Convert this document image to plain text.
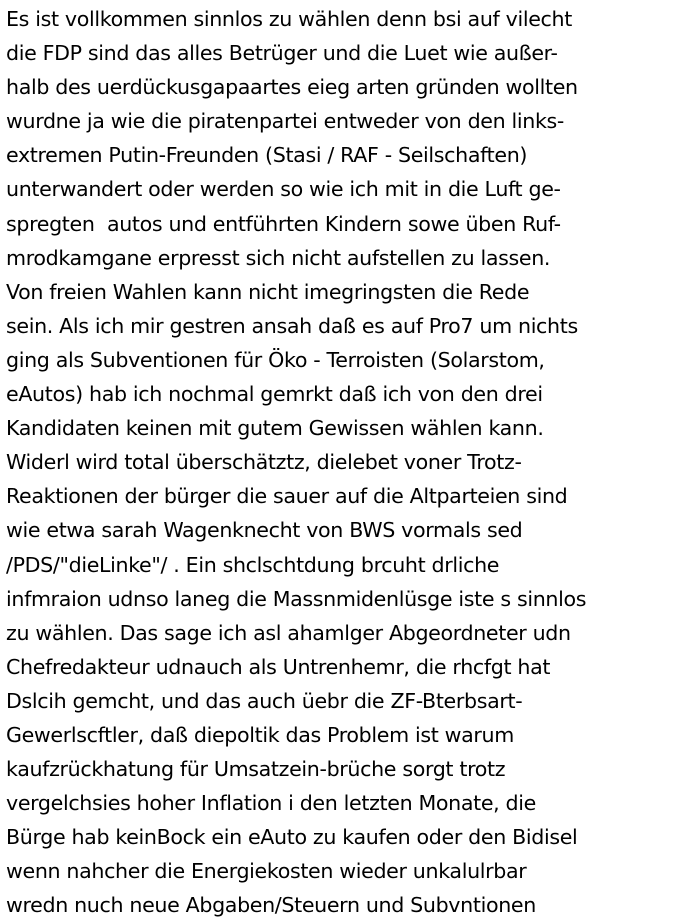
Es ist vollkommen sinnlos zu wählen denn bsi auf vilecht
die FDP sind das alles Betrüger und die Luet wie außer-
halb des uerdückusgapaartes eieg arten gründen wollten
wurdne ja wie die piratenpartei entweder von den links-
extremen Putin-Freunden (Stasi / RAF - Seilschaften)
unterwandert oder werden so wie ich mit in die Luft ge-
spregten  autos und entführten Kindern sowe üben Ruf-
mrodkamgane erpresst sich nicht aufstellen zu lassen.
Von freien Wahlen kann nicht imegringsten die Rede
sein. Als ich mir gestren ansah daß es auf Pro7 um nichts
ging als Subventionen für Öko - Terroisten (Solarstom,
eAutos) hab ich nochmal gemrkt daß ich von den drei
Kandidaten keinen mit gutem Gewissen wählen kann.
Widerl wird total überschätztz, dielebet voner Trotz-
Reaktionen der bürger die sauer auf die Altparteien sind
wie etwa sarah Wagenknecht von BWS vormals sed
/PDS/"dieLinke"/ . Ein shclschtdung brcuht drliche
infmraion udnso laneg die Massnmidenlüsge iste s sinnlos
zu wählen. Das sage ich asl ahamlger Abgeordneter udn
Chefredakteur udnauch als Untrenhemr, die rhcfgt hat
Dslcih gemcht, und das auch üebr die ZF-Bterbsart-
Gewerlscftler, daß diepoltik das Problem ist warum
kaufzrückhatung für Umsatzein-brüche sorgt trotz
vergelchsies hoher Inflation i den letzten Monate, die
Bürge hab keinBock ein eAuto zu kaufen oder den Bidisel
wenn nahcher die Energiekosten wieder unkalulrbar
wredn nuch neue Abgaben/Steuern und Subvntionen
